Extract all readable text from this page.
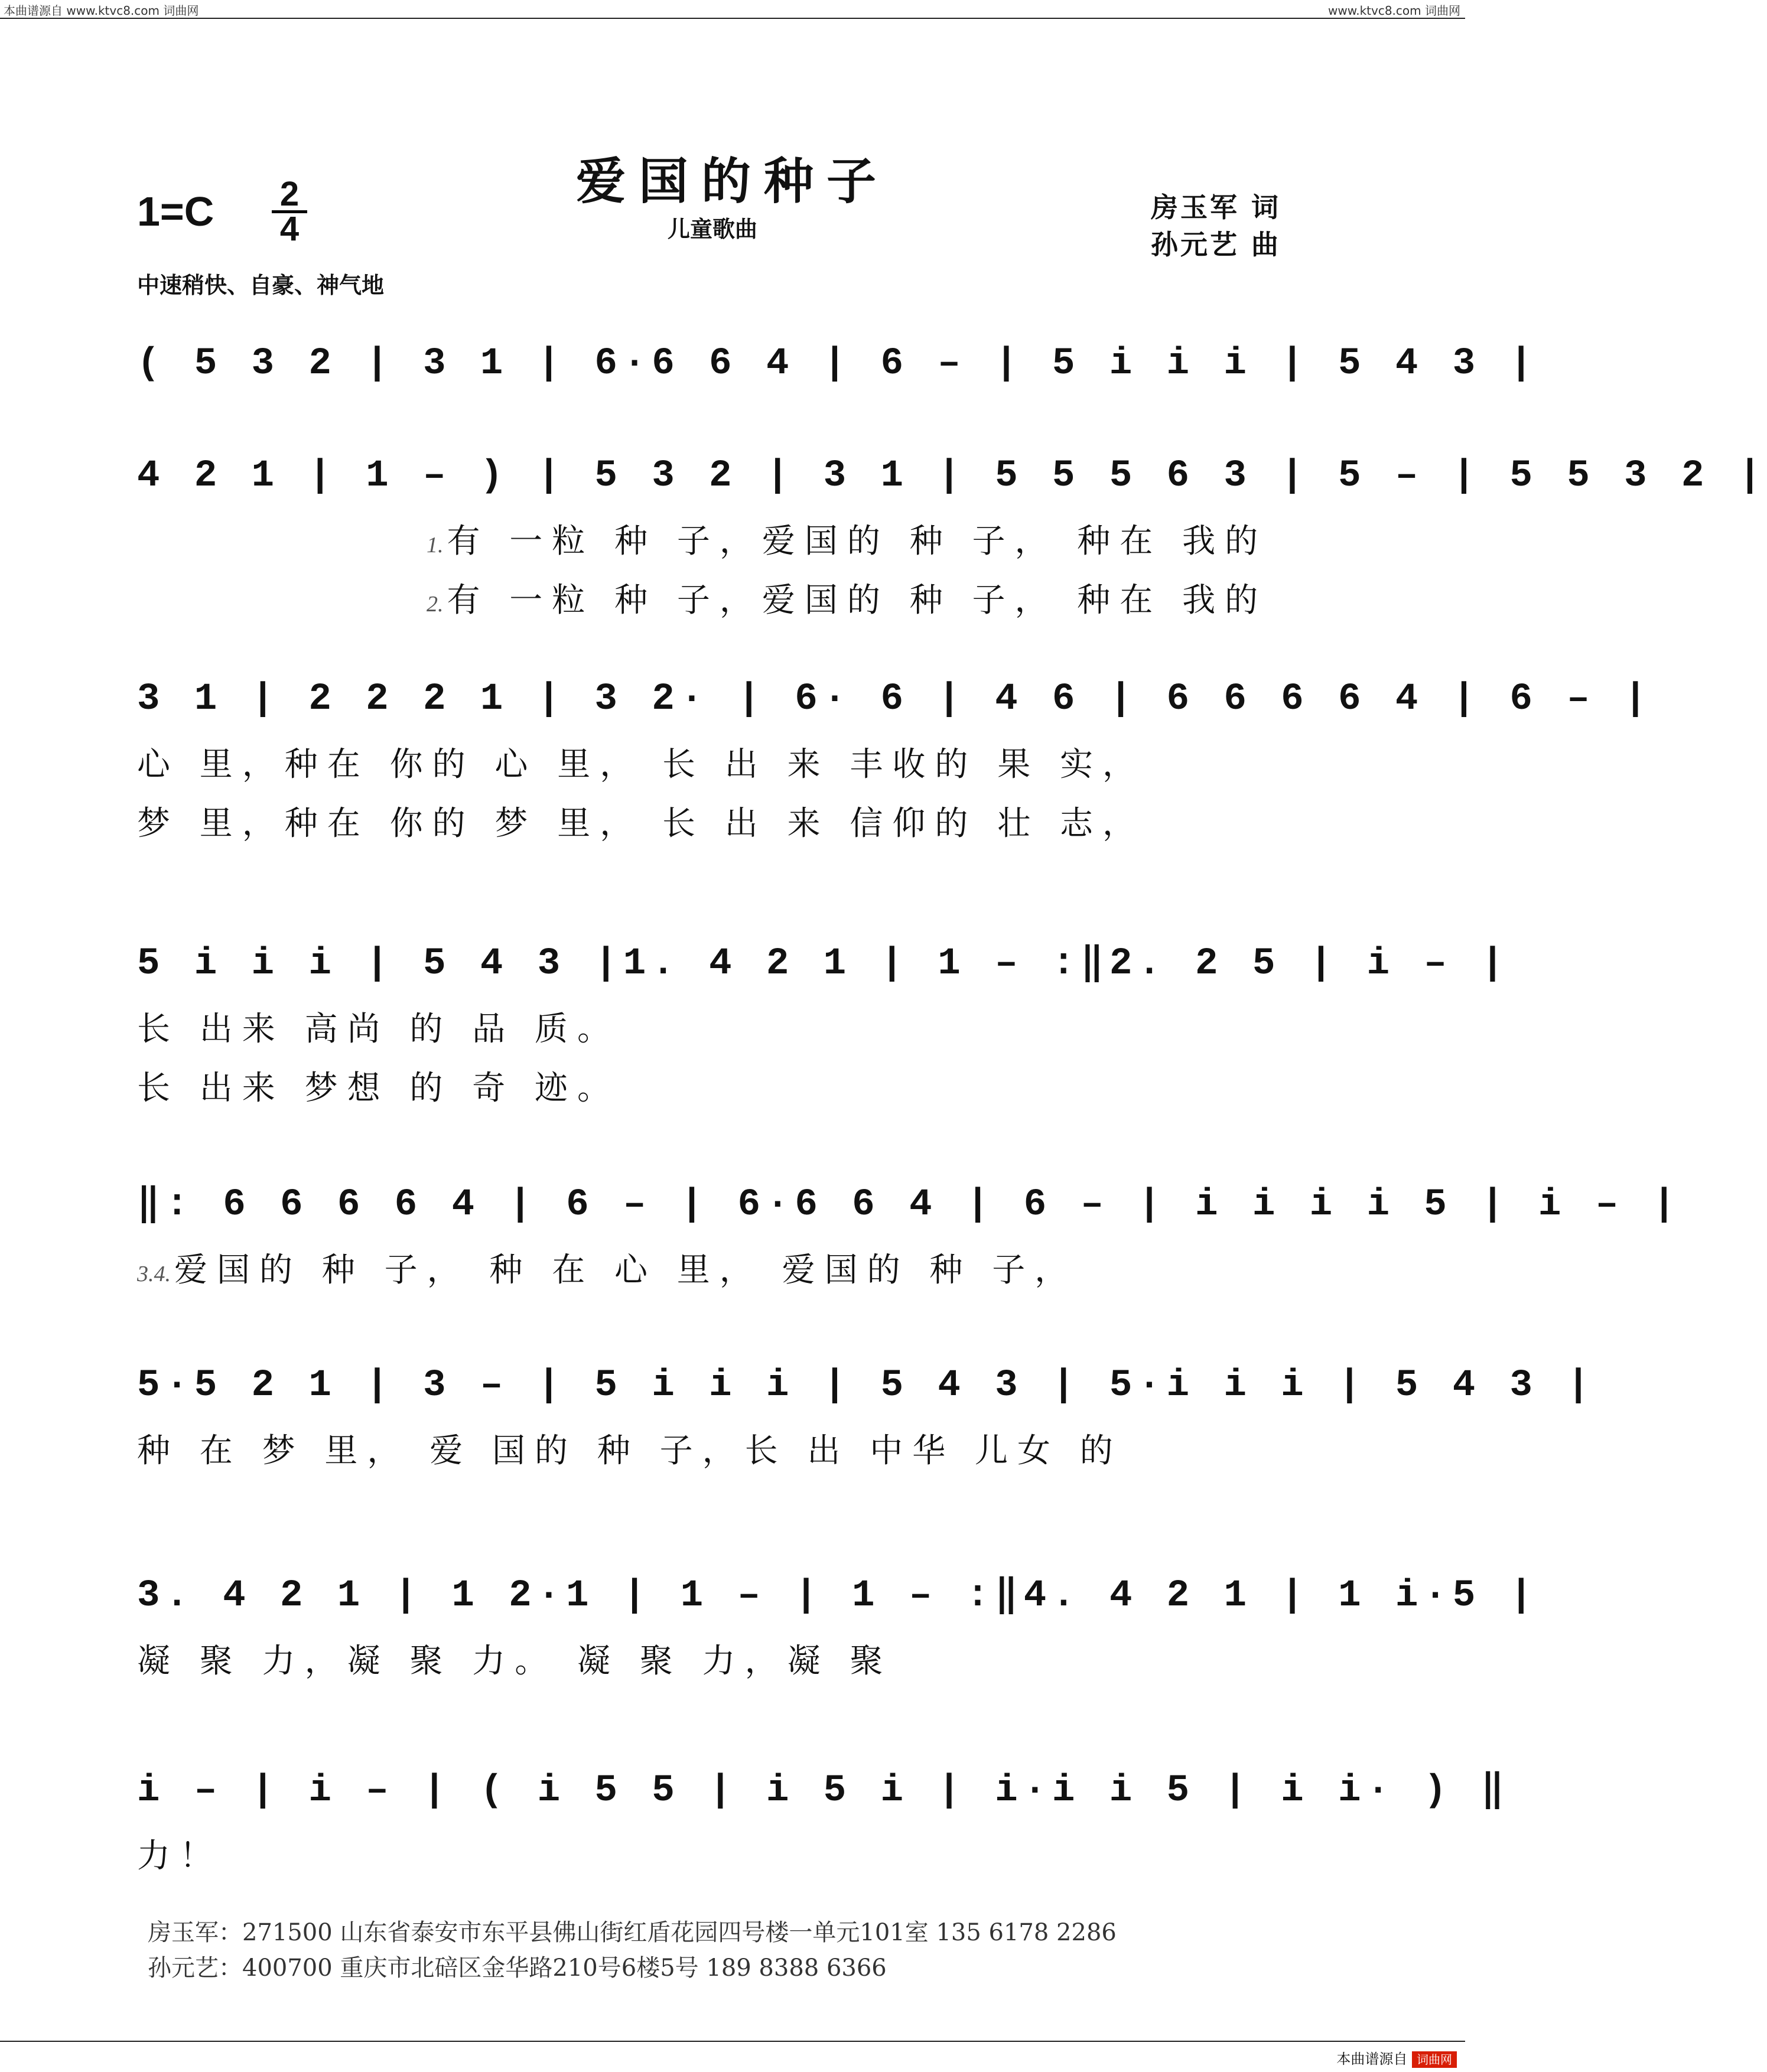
本曲谱源自 www.ktvc8.com 词曲网	www.ktvc8.com 词曲网
爱国的种子
儿童歌曲
$1=C \frac{2}{4}$
中速稍快、自豪、神气地
房玉军 词
孙元艺 曲
( 5 3 2 | 3 1 | 6·6 6 4 | 6 – | 5 i i i | 5 4 3 |
4 2 1 | 1 – ) | 5 3 2 | 3 1 | 5 5 5 6 3 | 5 – | 5 5 3 2 |
1. 有 一粒 种 子，爱国的 种 子， 种在 我的
2. 有 一粒 种 子，爱国的 种 子， 种在 我的
3 1 | 2 2 2 1 | 3 2· | 6· 6 | 4 6 | 6 6 6 6 4 | 6 – |
心 里，种在 你的 心 里， 长 出 来 丰收的 果 实，
梦 里，种在 你的 梦 里， 长 出 来 信仰的 壮 志，
5 i i i | 5 4 3 |1. 4 2 1 | 1 – :‖2. 2 5 | i – |
长 出来 高尚 的 品 质。
长 出来 梦想 的 奇 迹。
‖: 6 6 6 6 4 | 6 – | 6·6 6 4 | 6 – | i i i i 5 | i – |
3.4. 爱国的 种 子， 种 在 心 里， 爱国的 种 子，
5·5 2 1 | 3 – | 5 i i i | 5 4 3 | 5·i i i | 5 4 3 |
种 在 梦 里， 爱 国的 种 子，长 出 中华 儿女 的
3. 4 2 1 | 1 2·1 | 1 – | 1 – :‖4. 4 2 1 | 1 i·5 |
凝 聚 力，凝 聚 力。 凝 聚 力，凝 聚
i – | i – | ( i 5 5 | i 5 i | i·i i 5 | i i· ) ‖
力！
房玉军：271500 山东省泰安市东平县佛山街红盾花园四号楼一单元101室 135 6178 2286
孙元艺：400700 重庆市北碚区金华路210号6楼5号 189 8388 6366
本曲谱源自 词曲网
